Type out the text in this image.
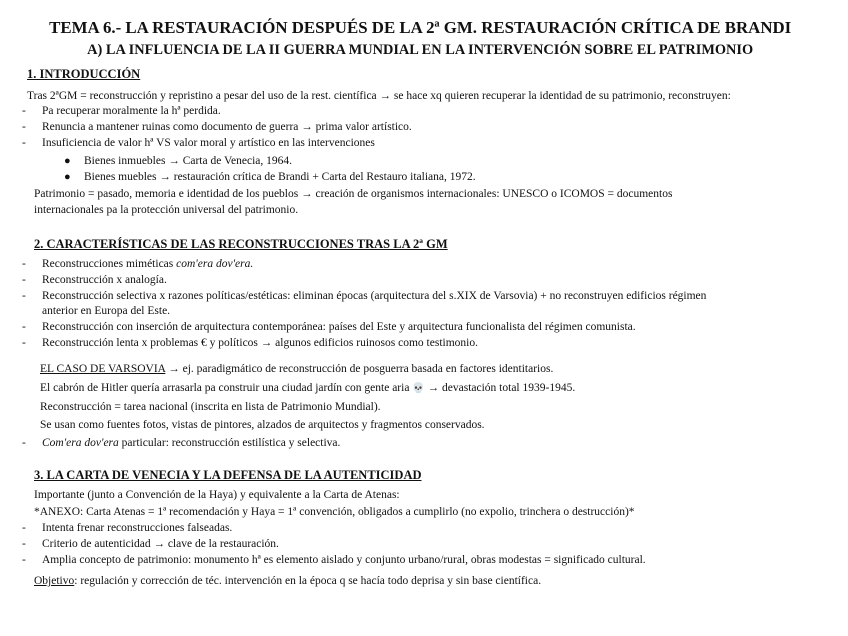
TEMA 6.- LA RESTAURACIÓN DESPUÉS DE LA 2ª GM. RESTAURACIÓN CRÍTICA DE BRANDI
A) LA INFLUENCIA DE LA II GUERRA MUNDIAL EN LA INTERVENCIÓN SOBRE EL PATRIMONIO
1. INTRODUCCIÓN
Tras 2ªGM = reconstrucción y repristino a pesar del uso de la rest. científica → se hace xq quieren recuperar la identidad de su patrimonio, reconstruyen:
- Pa recuperar moralmente la hª perdida.
- Renuncia a mantener ruinas como documento de guerra → prima valor artístico.
- Insuficiencia de valor hª VS valor moral y artístico en las intervenciones
● Bienes inmuebles → Carta de Venecia, 1964.
● Bienes muebles → restauración crítica de Brandi + Carta del Restauro italiana, 1972.
Patrimonio = pasado, memoria e identidad de los pueblos → creación de organismos internacionales: UNESCO o ICOMOS = documentos
internacionales pa la protección universal del patrimonio.
2. CARACTERÍSTICAS DE LAS RECONSTRUCCIONES TRAS LA 2ª GM
- Reconstrucciones miméticas com'era dov'era.
- Reconstrucción x analogía.
- Reconstrucción selectiva x razones políticas/estéticas: eliminan épocas (arquitectura del s.XIX de Varsovia) + no reconstruyen edificios régimen
anterior en Europa del Este.
- Reconstrucción con inserción de arquitectura contemporánea: países del Este y arquitectura funcionalista del régimen comunista.
- Reconstrucción lenta x problemas € y políticos → algunos edificios ruinosos como testimonio.
EL CASO DE VARSOVIA → ej. paradigmático de reconstrucción de posguerra basada en factores identitarios.
El cabrón de Hitler quería arrasarla pa construir una ciudad jardín con gente aria 💀 → devastación total 1939-1945.
Reconstrucción = tarea nacional (inscrita en lista de Patrimonio Mundial).
Se usan como fuentes fotos, vistas de pintores, alzados de arquitectos y fragmentos conservados.
- Com'era dov'era particular: reconstrucción estilística y selectiva.
3. LA CARTA DE VENECIA Y LA DEFENSA DE LA AUTENTICIDAD
Importante (junto a Convención de la Haya) y equivalente a la Carta de Atenas:
*ANEXO: Carta Atenas = 1ª recomendación y Haya = 1ª convención, obligados a cumplirlo (no expolio, trinchera o destrucción)*
- Intenta frenar reconstrucciones falseadas.
- Criterio de autenticidad → clave de la restauración.
- Amplia concepto de patrimonio: monumento hª es elemento aislado y conjunto urbano/rural, obras modestas = significado cultural.
Objetivo: regulación y corrección de téc. intervención en la época q se hacía todo deprisa y sin base científica.
